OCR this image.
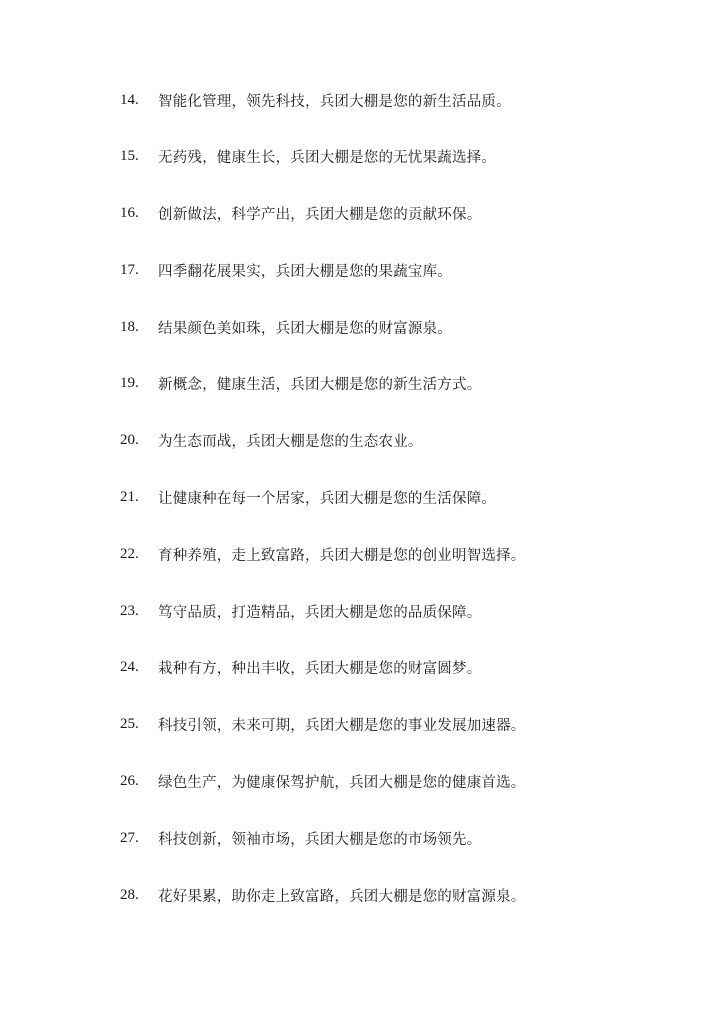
14.	智能化管理，领先科技，兵团大棚是您的新生活品质。
15.	无药残，健康生长，兵团大棚是您的无忧果蔬选择。
16.	创新做法，科学产出，兵团大棚是您的贡献环保。
17.	四季翻花展果实，兵团大棚是您的果蔬宝库。
18.	结果颜色美如珠，兵团大棚是您的财富源泉。
19.	新概念，健康生活，兵团大棚是您的新生活方式。
20.	为生态而战，兵团大棚是您的生态农业。
21.	让健康种在每一个居家，兵团大棚是您的生活保障。
22.	育种养殖，走上致富路，兵团大棚是您的创业明智选择。
23.	笃守品质，打造精品，兵团大棚是您的品质保障。
24.	栽种有方，种出丰收，兵团大棚是您的财富圆梦。
25.	科技引领，未来可期，兵团大棚是您的事业发展加速器。
26.	绿色生产，为健康保驾护航，兵团大棚是您的健康首选。
27.	科技创新，领袖市场，兵团大棚是您的市场领先。
28.	花好果累，助你走上致富路，兵团大棚是您的财富源泉。
